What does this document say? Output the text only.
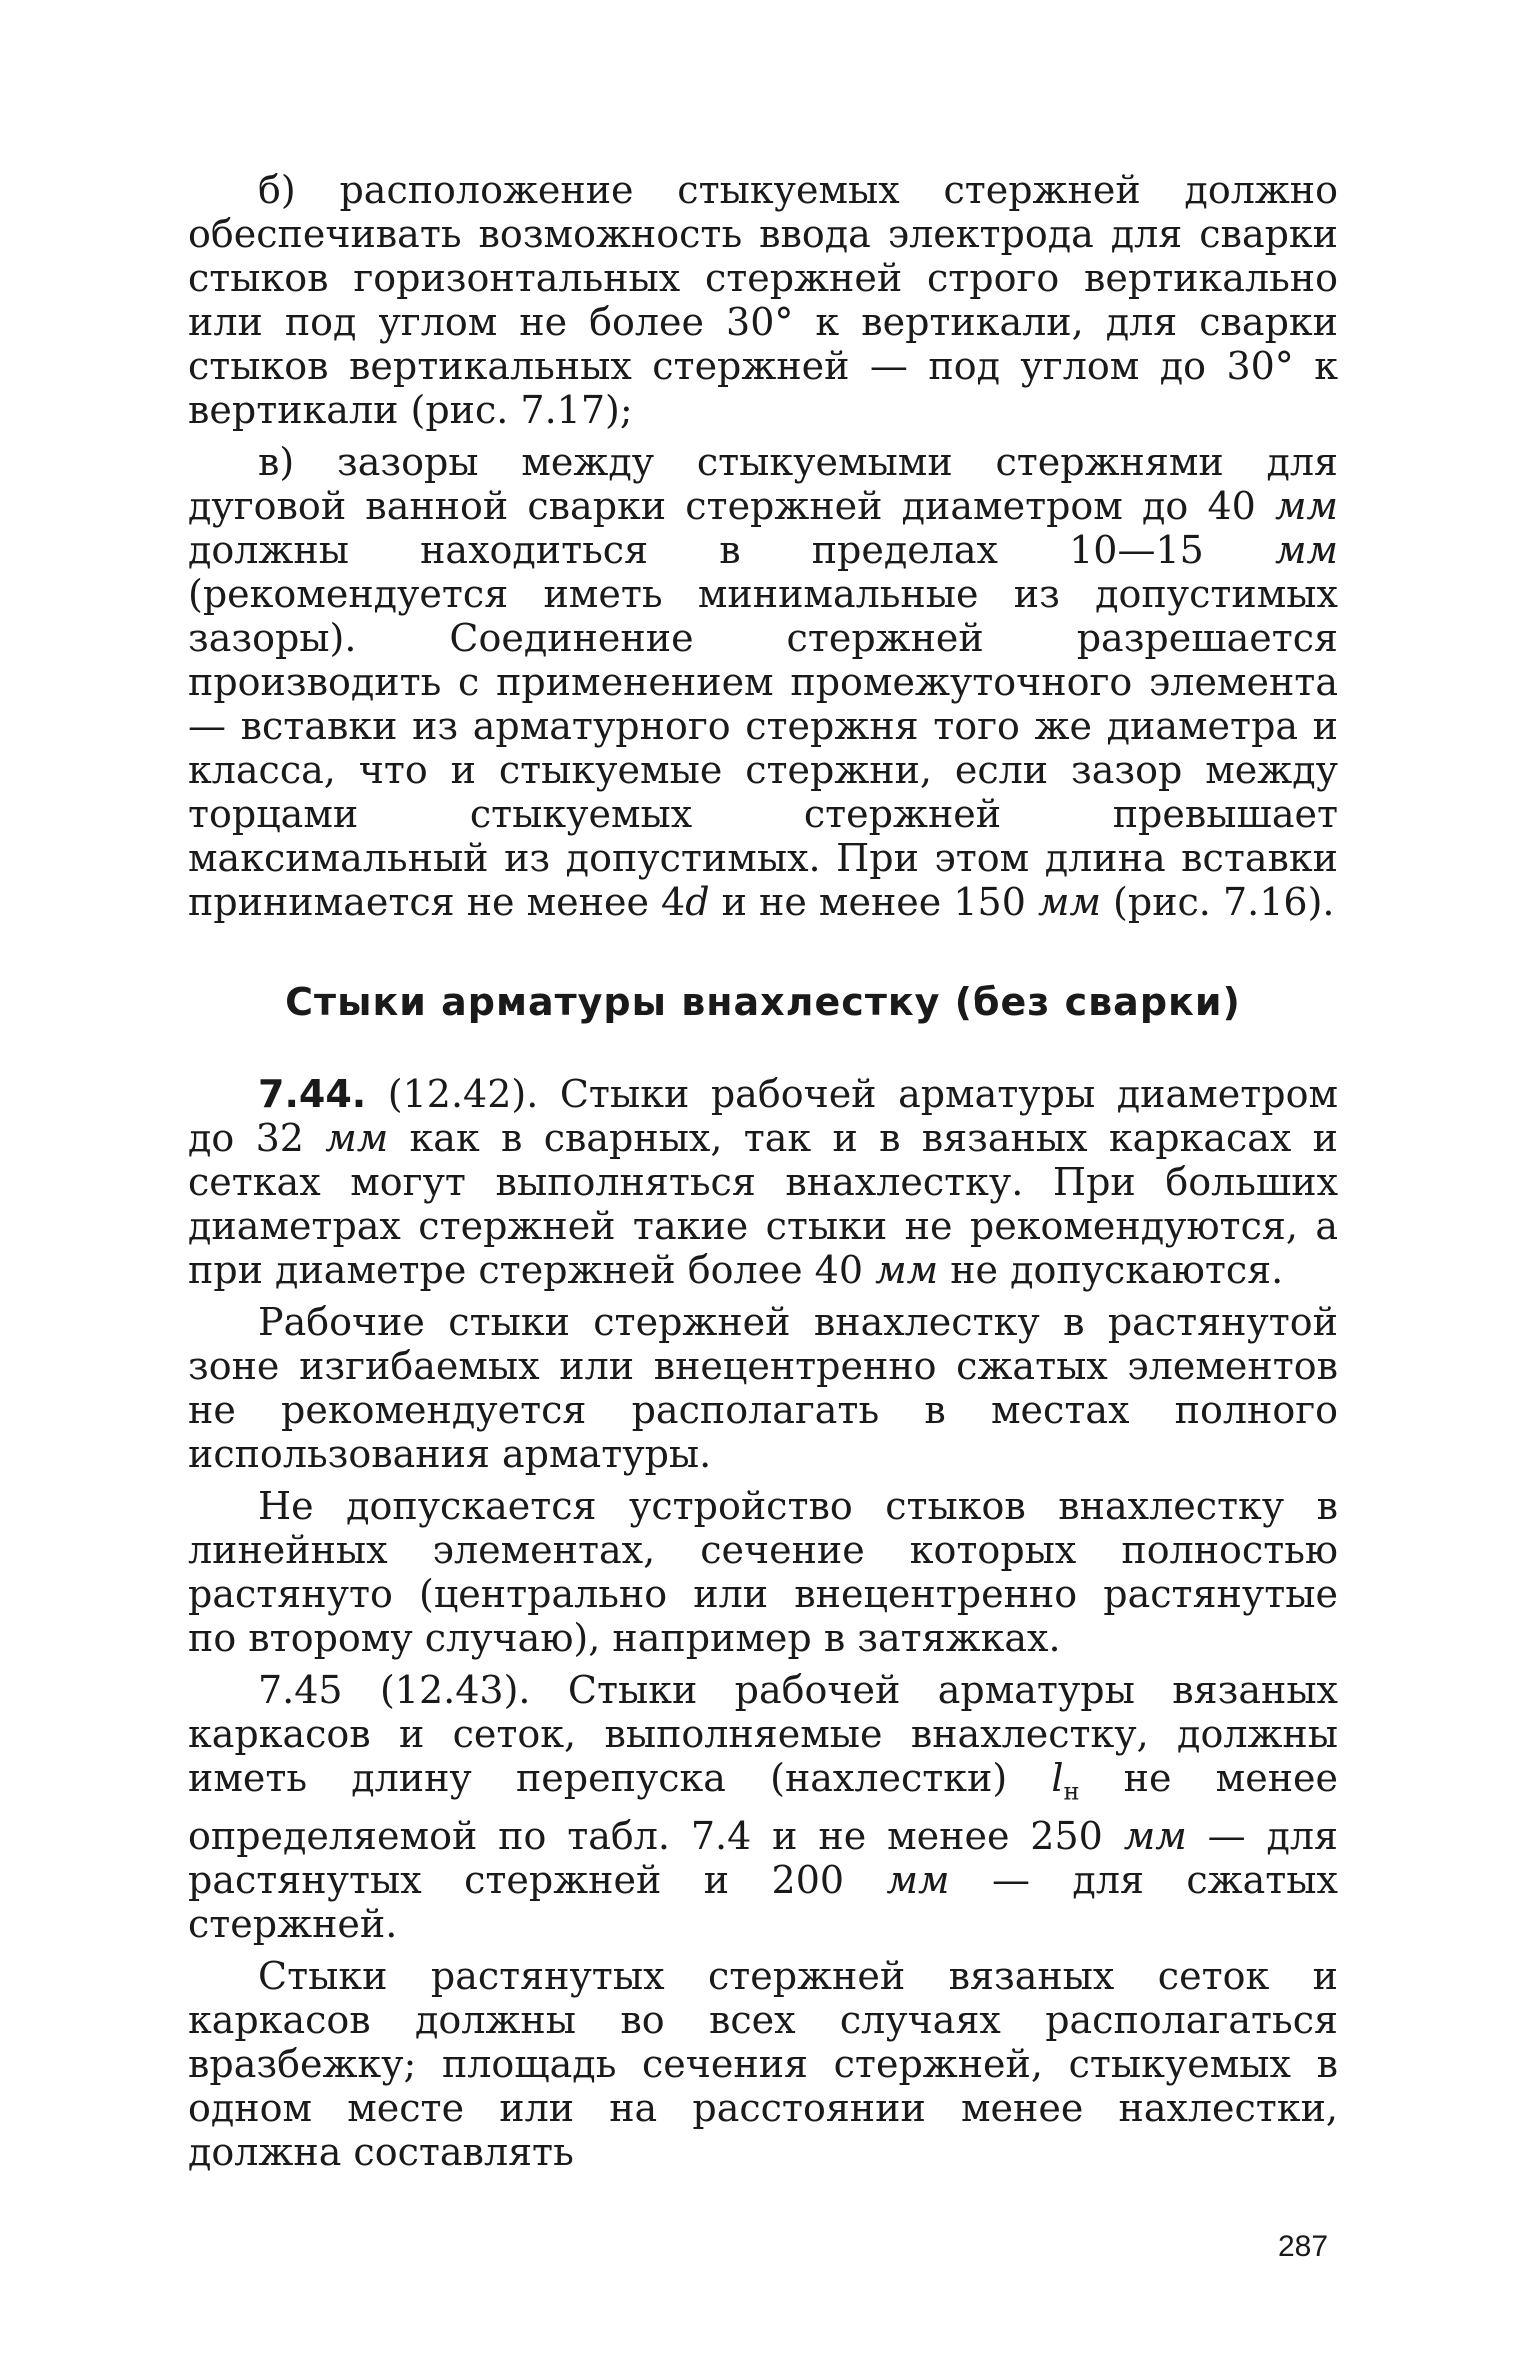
б) расположение стыкуемых стержней должно обеспечивать возможность ввода электрода для сварки стыков горизонтальных стержней строго вертикально или под углом не более 30° к вертикали, для сварки стыков вертикальных стержней — под углом до 30° к вертикали (рис. 7.17);

в) зазоры между стыкуемыми стержнями для дуговой ванной сварки стержней диаметром до 40 мм должны находиться в пределах 10—15 мм (рекомендуется иметь минимальные из допустимых зазоры). Соединение стержней разрешается производить с применением промежуточного элемента — вставки из арматурного стержня того же диаметра и класса, что и стыкуемые стержни, если зазор между торцами стыкуемых стержней превышает максимальный из допустимых. При этом длина вставки принимается не менее 4d и не менее 150 мм (рис. 7.16).

Стыки арматуры внахлестку (без сварки)

7.44. (12.42). Стыки рабочей арматуры диаметром до 32 мм как в сварных, так и в вязаных каркасах и сетках могут выполняться внахлестку. При больших диаметрах стержней такие стыки не рекомендуются, а при диаметре стержней более 40 мм не допускаются.

Рабочие стыки стержней внахлестку в растянутой зоне изгибаемых или внецентренно сжатых элементов не рекомендуется располагать в местах полного использования арматуры.

Не допускается устройство стыков внахлестку в линейных элементах, сечение которых полностью растянуто (центрально или внецентренно растянутые по второму случаю), например в затяжках.

7.45 (12.43). Стыки рабочей арматуры вязаных каркасов и сеток, выполняемые внахлестку, должны иметь длину перепуска (нахлестки) $l_н$ не менее определяемой по табл. 7.4 и не менее 250 мм — для растянутых стержней и 200 мм — для сжатых стержней.

Стыки растянутых стержней вязаных сеток и каркасов должны во всех случаях располагаться вразбежку; площадь сечения стержней, стыкуемых в одном месте или на расстоянии менее нахлестки, должна составлять

287
